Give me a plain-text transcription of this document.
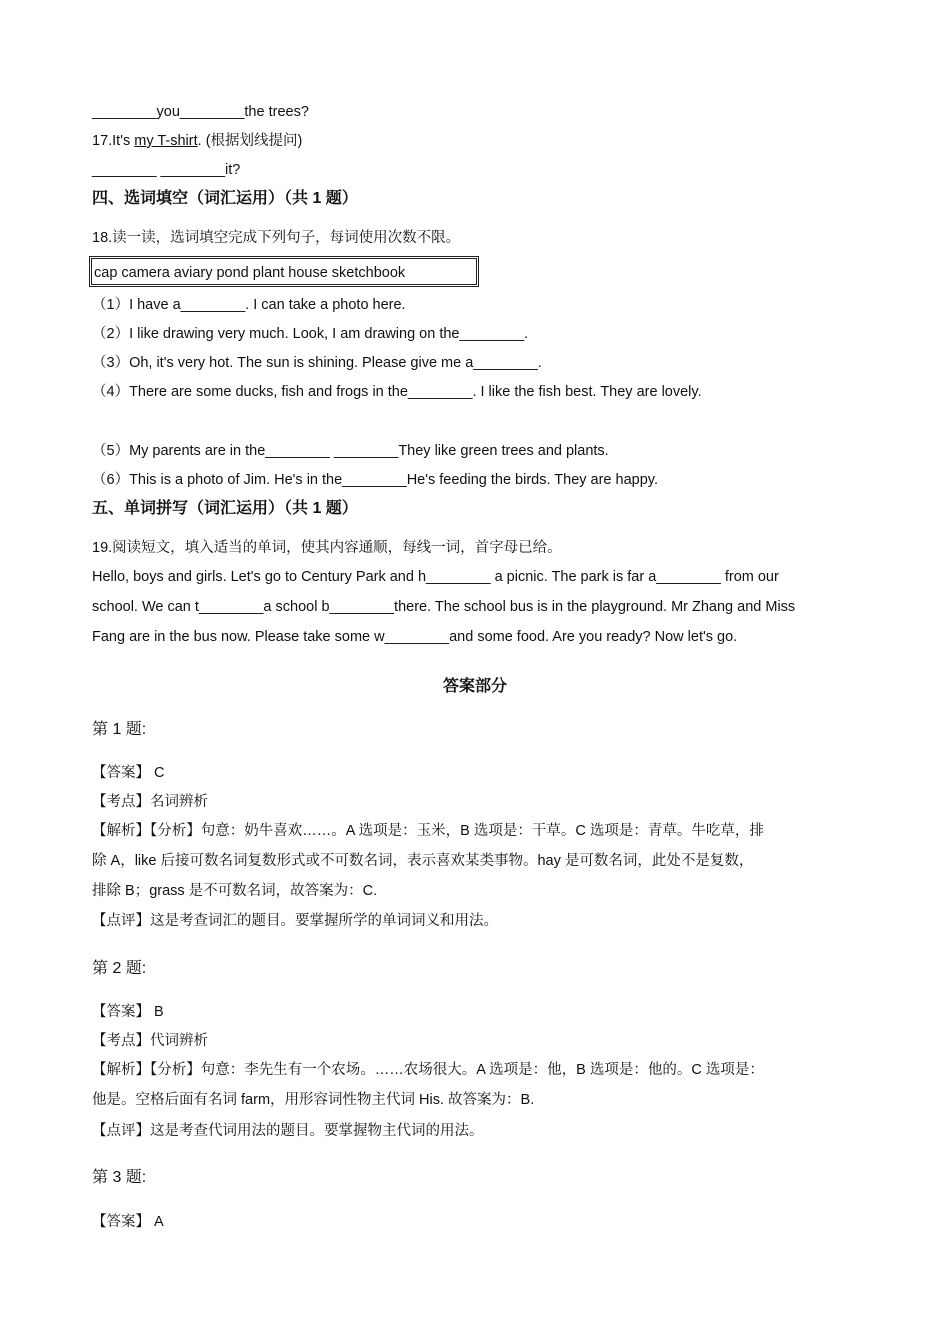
________you________the trees?
17.It's my T-shirt. (根据划线提问)
________ ________it?
四、选词填空（词汇运用）（共 1 题）
18.读一读，选词填空完成下列句子，每词使用次数不限。
cap camera aviary pond plant house sketchbook
（1）I have a________. I can take a photo here.
（2）I like drawing very much. Look, I am drawing on the________.
（3）Oh, it's very hot. The sun is shining. Please give me a________.
（4）There are some ducks, fish and frogs in the________. I like the fish best. They are lovely.
（5）My parents are in the________ ________They like green trees and plants.
（6）This is a photo of Jim. He's in the________He's feeding the birds. They are happy.
五、单词拼写（词汇运用）（共 1 题）
19.阅读短文，填入适当的单词，使其内容通顺，每线一词，首字母已给。
Hello, boys and girls. Let's go to Century Park and h________ a picnic. The park is far a________ from our
school. We can t________a school b________there. The school bus is in the playground. Mr Zhang and Miss
Fang are in the bus now. Please take some w________and some food. Are you ready? Now let's go.
答案部分
第 1 题:
【答案】 C
【考点】名词辨析
【解析】【分析】句意：奶牛喜欢……。A 选项是：玉米，B 选项是：干草。C 选项是：青草。牛吃草，排
除 A，like 后接可数名词复数形式或不可数名词，表示喜欢某类事物。hay 是可数名词，此处不是复数，
排除 B；grass 是不可数名词，故答案为：C.
【点评】这是考查词汇的题目。要掌握所学的单词词义和用法。
第 2 题:
【答案】 B
【考点】代词辨析
【解析】【分析】句意：李先生有一个农场。……农场很大。A 选项是：他，B 选项是：他的。C 选项是：
他是。空格后面有名词 farm，用形容词性物主代词 His. 故答案为：B.
【点评】这是考查代词用法的题目。要掌握物主代词的用法。
第 3 题:
【答案】 A
